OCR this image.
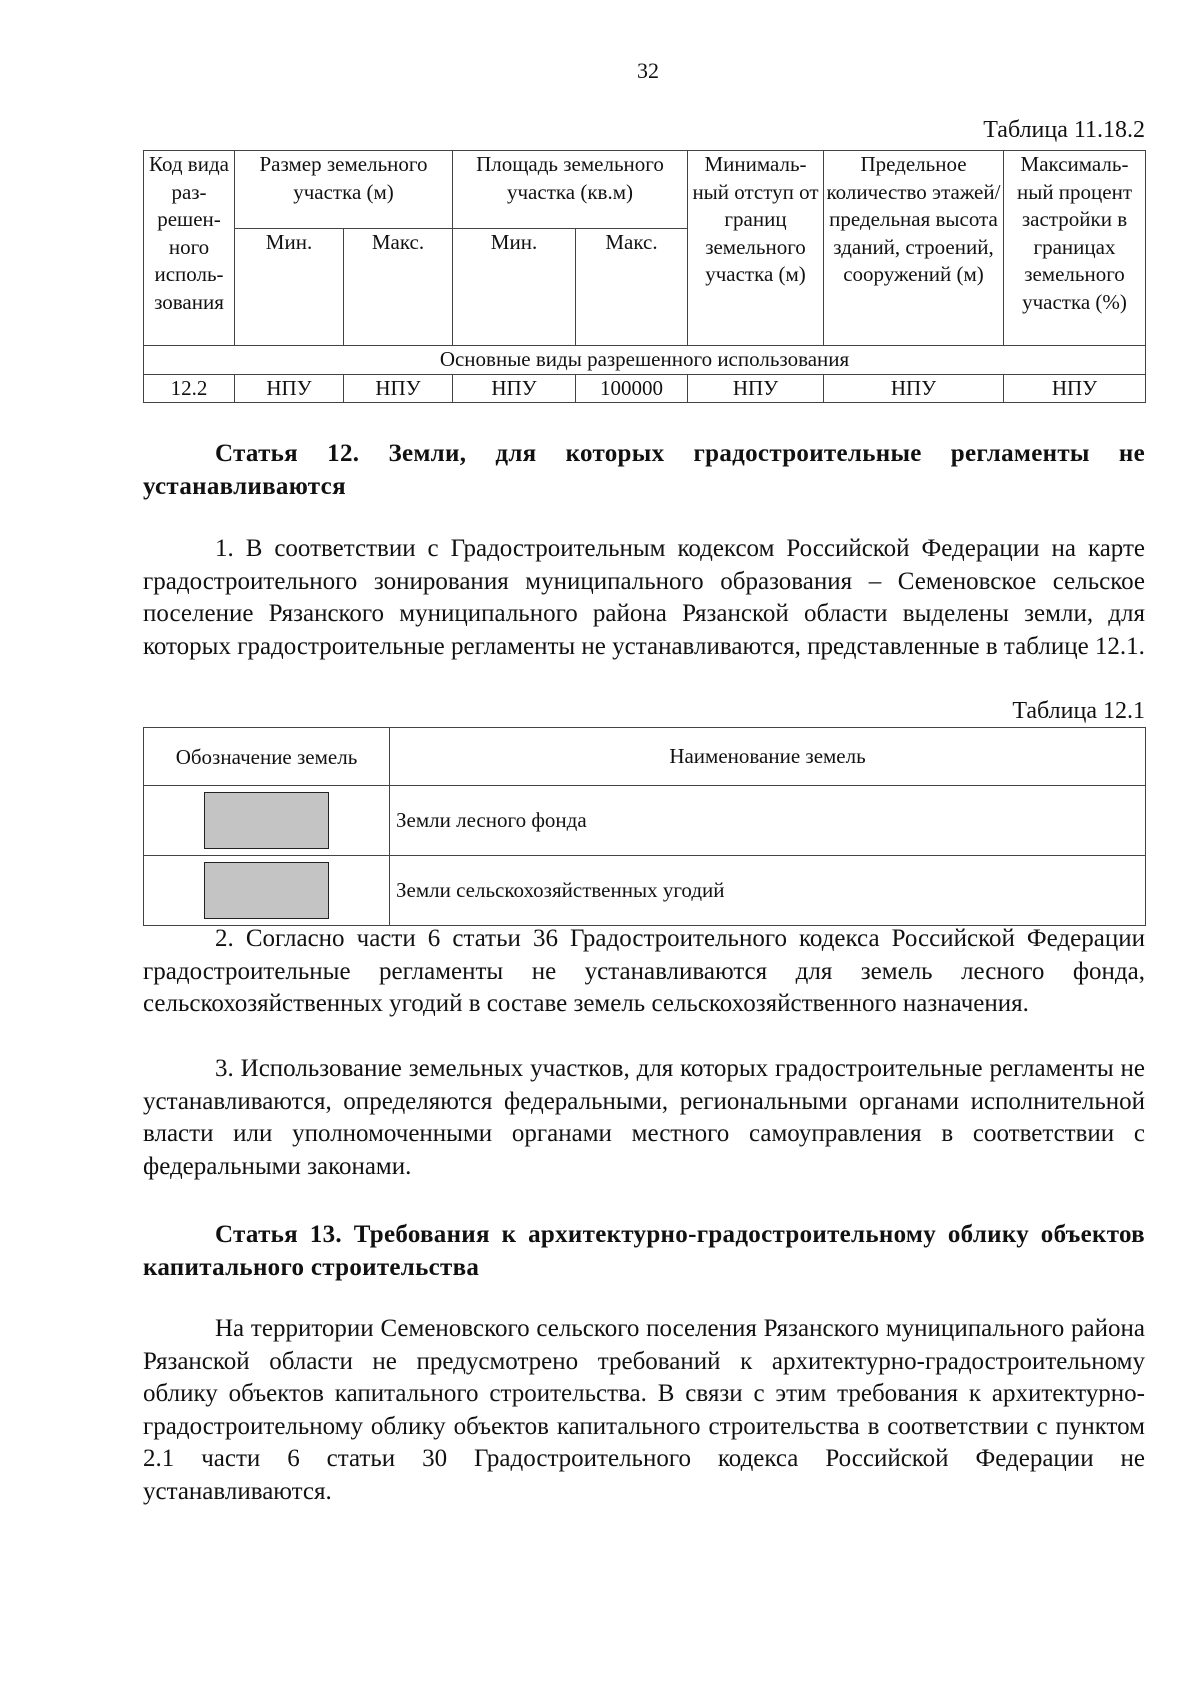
32
Таблица 11.18.2
Код вида раз-решен-ного исполь-зования	Размер земельного участка (м)		Площадь земельного участка (кв.м)		Минималь-ный отступ от границ земельного участка (м)	Предельное количество этажей/ предельная высота зданий, строений, сооружений (м)	Максималь-ный процент застройки в границах земельного участка (%)
	Мин.	Макс.	Мин.	Макс.			
Основные виды разрешенного использования							
12.2	НПУ	НПУ	НПУ	100000	НПУ	НПУ	НПУ
Статья 12. Земли, для которых градостроительные регламенты не устанавливаются

1. В соответствии с Градостроительным кодексом Российской Федерации на карте градостроительного зонирования муниципального образования – Семеновское сельское поселение Рязанского муниципального района Рязанской области выделены земли, для которых градостроительные регламенты не устанавливаются, представленные в таблице 12.1.

Таблица 12.1
Обозначение земель	Наименование земель

	Земли лесного фонда

	Земли сельскохозяйственных угодий

2. Согласно части 6 статьи 36 Градостроительного кодекса Российской Федерации градостроительные регламенты не устанавливаются для земель лесного фонда, сельскохозяйственных угодий в составе земель сельскохозяйственного назначения.

3. Использование земельных участков, для которых градостроительные регламенты не устанавливаются, определяются федеральными, региональными органами исполнительной власти или уполномоченными органами местного самоуправления в соответствии с федеральными законами.

Статья 13. Требования к архитектурно-градостроительному облику объектов капитального строительства

На территории Семеновского сельского поселения Рязанского муниципального района Рязанской области не предусмотрено требований к архитектурно-градостроительному облику объектов капитального строительства. В связи с этим требования к архитектурно-градостроительному облику объектов капитального строительства в соответствии с пунктом 2.1 части 6 статьи 30 Градостроительного кодекса Российской Федерации не устанавливаются.
